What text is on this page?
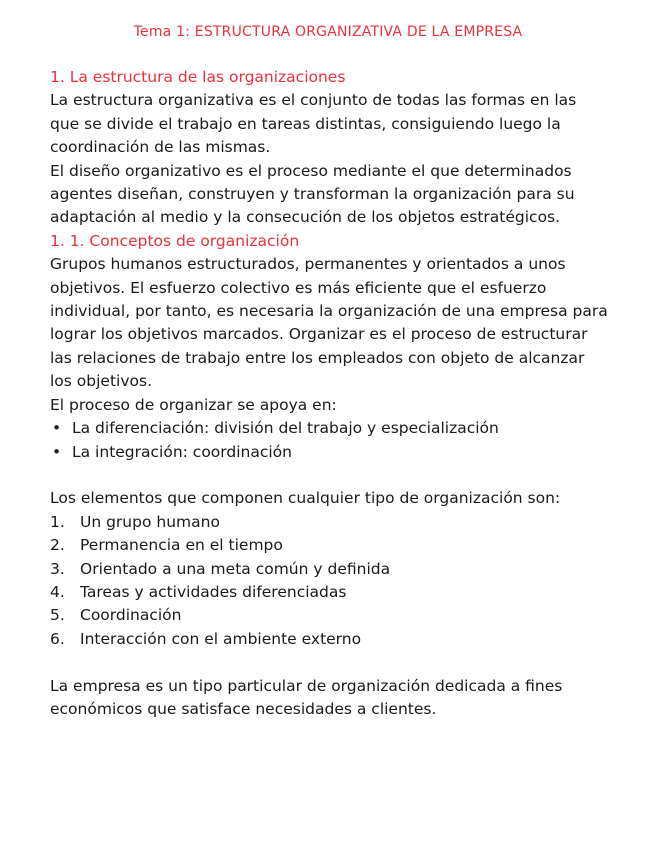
Tema 1: ESTRUCTURA ORGANIZATIVA DE LA EMPRESA
1. La estructura de las organizaciones

La estructura organizativa es el conjunto de todas las formas en las que se divide el trabajo en tareas distintas, consiguiendo luego la coordinación de las mismas.

El diseño organizativo es el proceso mediante el que determinados agentes diseñan, construyen y transforman la organización para su adaptación al medio y la consecución de los objetos estratégicos.

1. 1. Conceptos de organización

Grupos humanos estructurados, permanentes y orientados a unos objetivos. El esfuerzo colectivo es más eficiente que el esfuerzo individual, por tanto, es necesaria la organización de una empresa para lograr los objetivos marcados. Organizar es el proceso de estructurar las relaciones de trabajo entre los empleados con objeto de alcanzar los objetivos.

El proceso de organizar se apoya en:

• La diferenciación: división del trabajo y especialización
• La integración: coordinación

Los elementos que componen cualquier tipo de organización son:

1. Un grupo humano
2. Permanencia en el tiempo
3. Orientado a una meta común y definida
4. Tareas y actividades diferenciadas
5. Coordinación
6. Interacción con el ambiente externo

La empresa es un tipo particular de organización dedicada a fines económicos que satisface necesidades a clientes.
